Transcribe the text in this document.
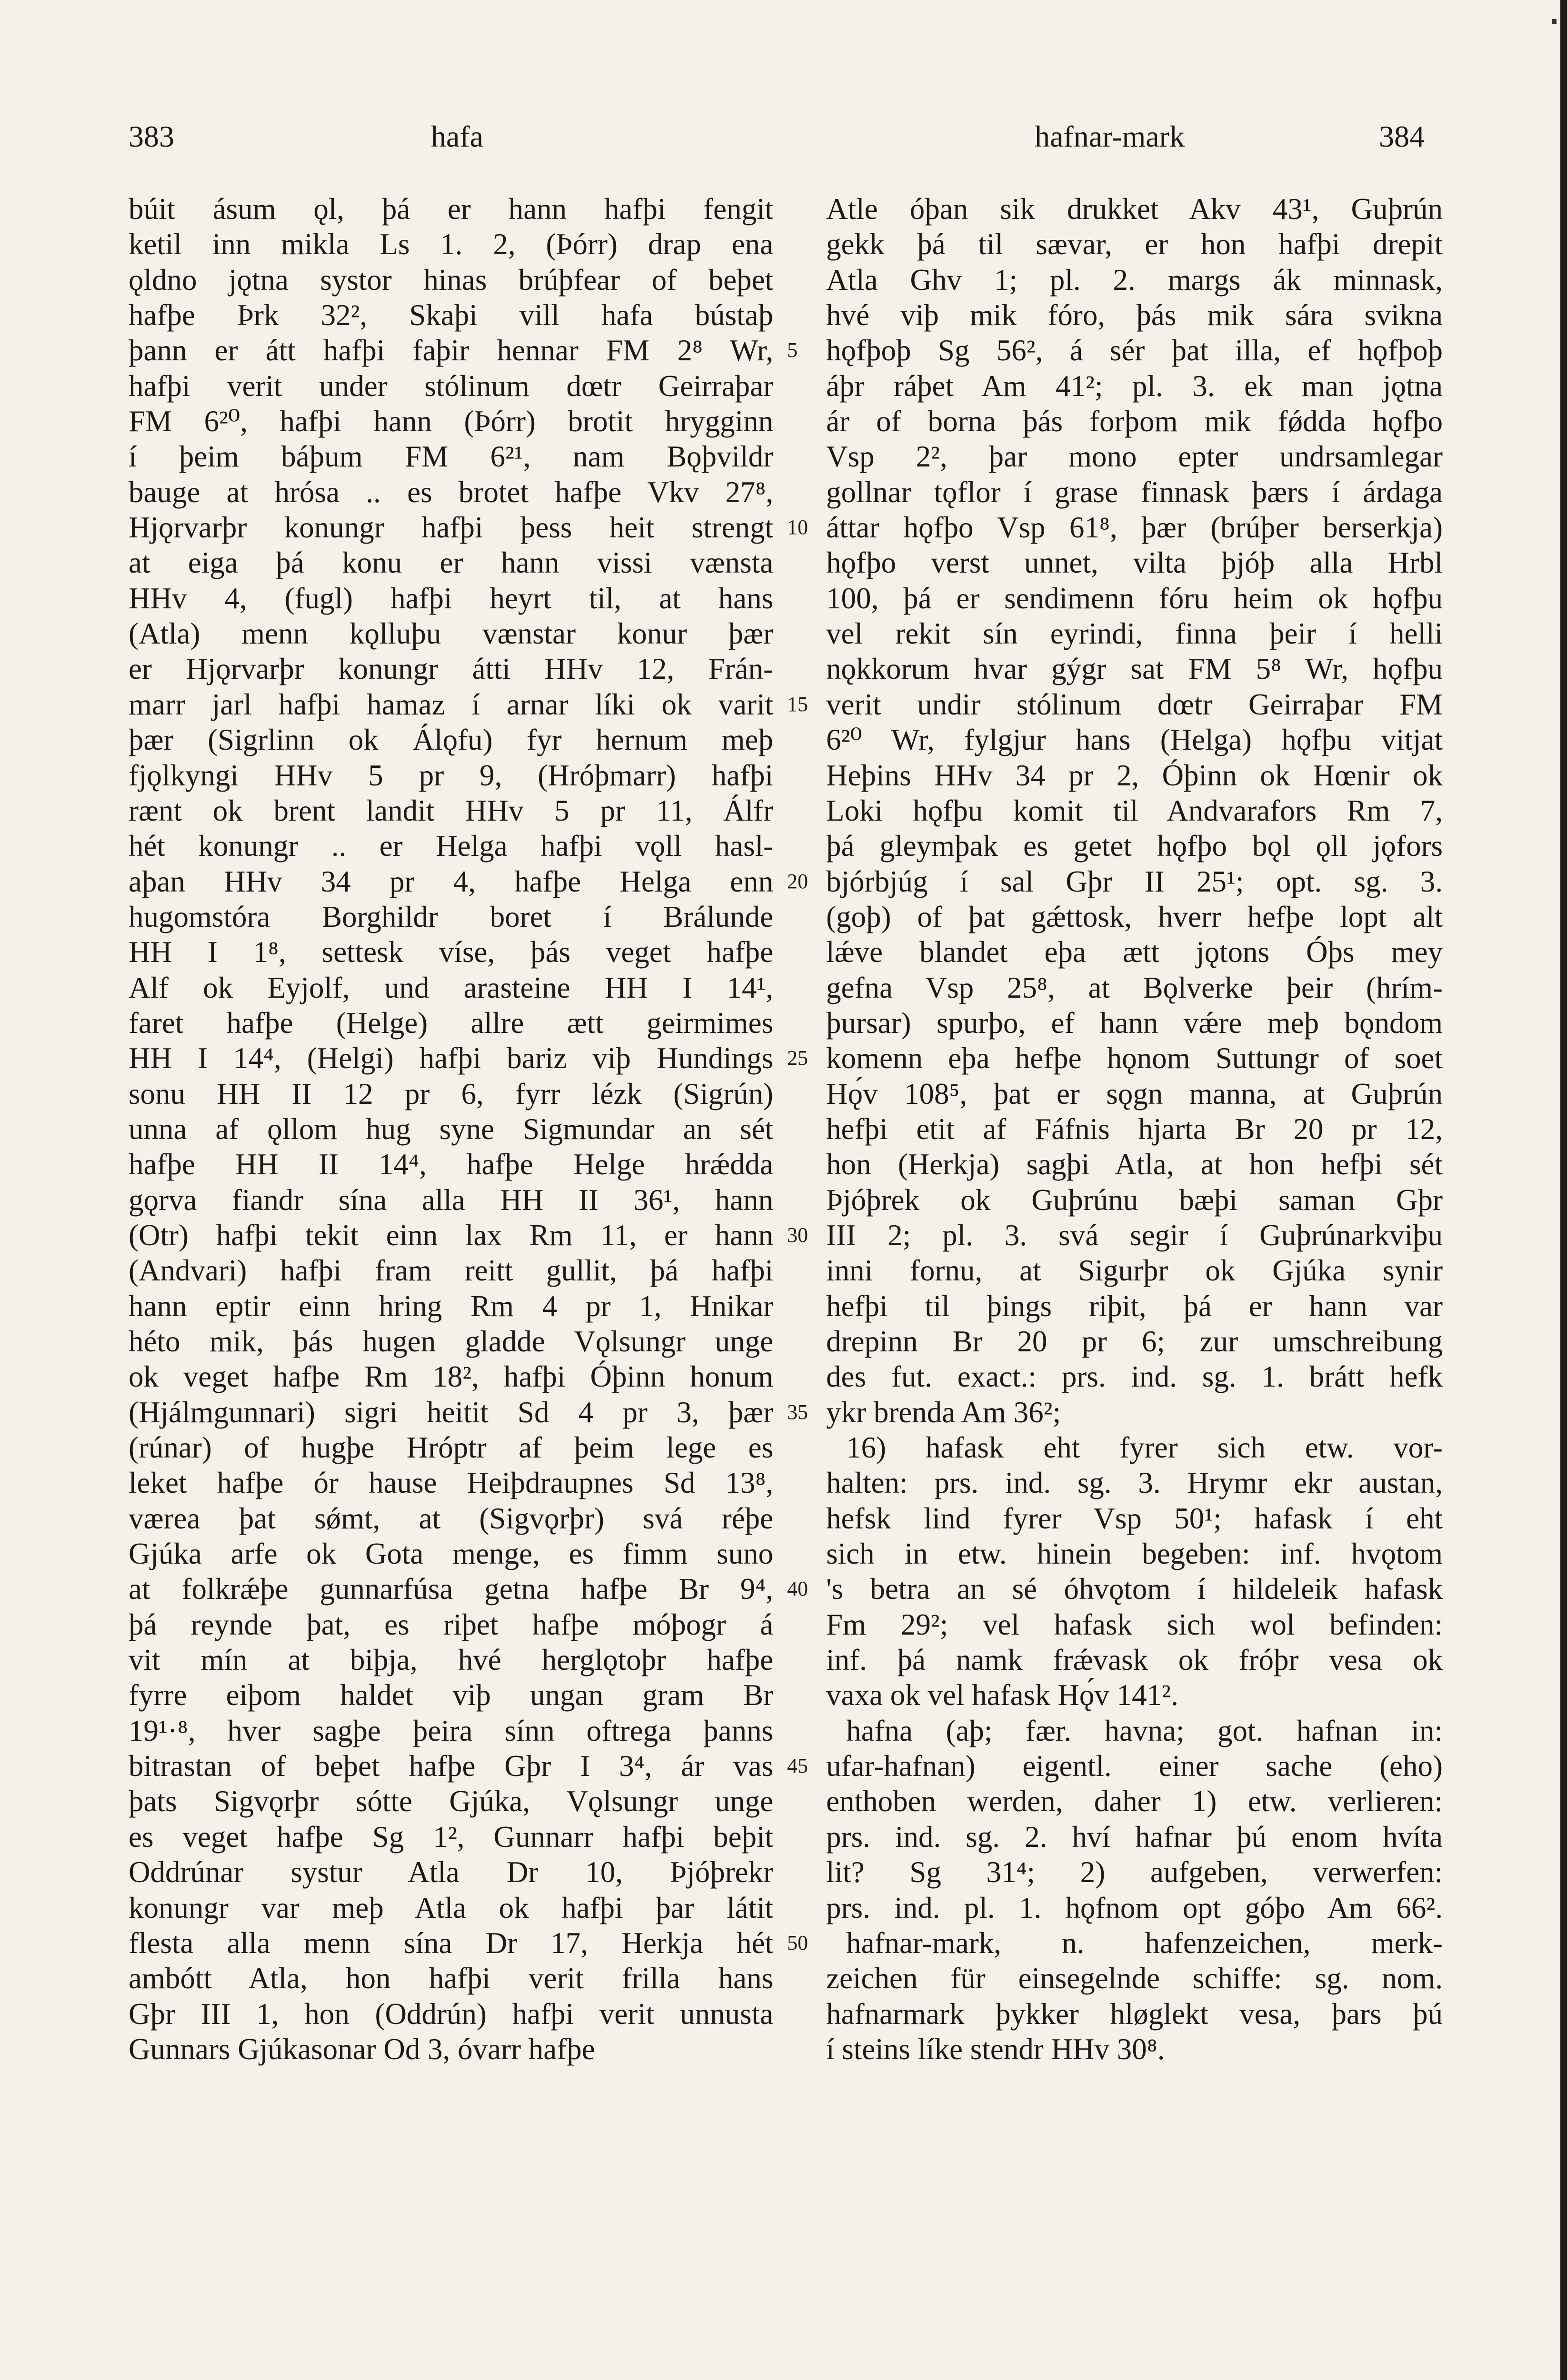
383	hafa	hafnar-mark	384
búit ásum ǫl, þá er hann hafþi fengit
ketil inn mikla Ls 1. 2, (Þórr) drap ena
ǫldno jǫtna systor hinas brúþfear of beþet
hafþe Þrk 32², Skaþi vill hafa bústaþ
þann er átt hafþi faþir hennar FM 2⁸ Wr,
hafþi verit under stólinum dœtr Geirraþar
FM 6²⁰, hafþi hann (Þórr) brotit hrygginn
í þeim báþum FM 6²¹, nam Bǫþvildr
bauge at hrósa .. es brotet hafþe Vkv 27⁸,
Hjǫrvarþr konungr hafþi þess heit strengt
at eiga þá konu er hann vissi vænsta
HHv 4, (fugl) hafþi heyrt til, at hans
(Atla) menn kǫlluþu vænstar konur þær
er Hjǫrvarþr konungr átti HHv 12, Frán-
marr jarl hafþi hamaz í arnar líki ok varit
þær (Sigrlinn ok Álǫfu) fyr hernum meþ
fjǫlkyngi HHv 5 pr 9, (Hróþmarr) hafþi
rænt ok brent landit HHv 5 pr 11, Álfr
hét konungr .. er Helga hafþi vǫll hasl-
aþan HHv 34 pr 4, hafþe Helga enn
hugomstóra Borghildr boret í Brálunde
HH I 1⁸, settesk víse, þás veget hafþe
Alf ok Eyjolf, und arasteine HH I 14¹,
faret hafþe (Helge) allre ætt geirmimes
HH I 14⁴, (Helgi) hafþi bariz viþ Hundings
sonu HH II 12 pr 6, fyrr lézk (Sigrún)
unna af ǫllom hug syne Sigmundar an sét
hafþe HH II 14⁴, hafþe Helge hrǽdda
gǫrva fiandr sína alla HH II 36¹, hann
(Otr) hafþi tekit einn lax Rm 11, er hann
(Andvari) hafþi fram reitt gullit, þá hafþi
hann eptir einn hring Rm 4 pr 1, Hnikar
héto mik, þás hugen gladde Vǫlsungr unge
ok veget hafþe Rm 18², hafþi Óþinn honum
(Hjálmgunnari) sigri heitit Sd 4 pr 3, þær
(rúnar) of hugþe Hróptr af þeim lege es
leket hafþe ór hause Heiþdraupnes Sd 13⁸,
værea þat sǿmt, at (Sigvǫrþr) svá réþe
Gjúka arfe ok Gota menge, es fimm suno
at folkrǽþe gunnarfúsa getna hafþe Br 9⁴,
þá reynde þat, es riþet hafþe móþogr á
vit mín at biþja, hvé herglǫtoþr hafþe
fyrre eiþom haldet viþ ungan gram Br
19¹·⁸, hver sagþe þeira sínn oftrega þanns
bitrastan of beþet hafþe Gþr I 3⁴, ár vas
þats Sigvǫrþr sótte Gjúka, Vǫlsungr unge
es veget hafþe Sg 1², Gunnarr hafþi beþit
Oddrúnar systur Atla Dr 10, Þjóþrekr
konungr var meþ Atla ok hafþi þar látit
flesta alla menn sína Dr 17, Herkja hét
ambótt Atla, hon hafþi verit frilla hans
Gþr III 1, hon (Oddrún) hafþi verit unnusta
Gunnars Gjúkasonar Od 3, óvarr hafþe
5
10
15
20
25
30
35
40
45
50
Atle óþan sik drukket Akv 43¹, Guþrún
gekk þá til sævar, er hon hafþi drepit
Atla Ghv 1; pl. 2. margs ák minnask,
hvé viþ mik fóro, þás mik sára svikna
hǫfþoþ Sg 56², á sér þat illa, ef hǫfþoþ
áþr ráþet Am 41²; pl. 3. ek man jǫtna
ár of borna þás forþom mik fǿdda hǫfþo
Vsp 2², þar mono epter undrsamlegar
gollnar tǫflor í grase finnask þærs í árdaga
áttar hǫfþo Vsp 61⁸, þær (brúþer berserkja)
hǫfþo verst unnet, vilta þjóþ alla Hrbl
100, þá er sendimenn fóru heim ok hǫfþu
vel rekit sín eyrindi, finna þeir í helli
nǫkkorum hvar gýgr sat FM 5⁸ Wr, hǫfþu
verit undir stólinum dœtr Geirraþar FM
6²⁰ Wr, fylgjur hans (Helga) hǫfþu vitjat
Heþins HHv 34 pr 2, Óþinn ok Hœnir ok
Loki hǫfþu komit til Andvarafors Rm 7,
þá gleymþak es getet hǫfþo bǫl ǫll jǫfors
bjórbjúg í sal Gþr II 25¹; opt. sg. 3.
(goþ) of þat gǽttosk, hverr hefþe lopt alt
lǽve blandet eþa ætt jǫtons Óþs mey
gefna Vsp 25⁸, at Bǫlverke þeir (hrím-
þursar) spurþo, ef hann vǽre meþ bǫndom
komenn eþa hefþe hǫnom Suttungr of soet
Hǫ́v 108⁵, þat er sǫgn manna, at Guþrún
hefþi etit af Fáfnis hjarta Br 20 pr 12,
hon (Herkja) sagþi Atla, at hon hefþi sét
Þjóþrek ok Guþrúnu bæþi saman Gþr
III 2; pl. 3. svá segir í Guþrúnarkviþu
inni fornu, at Sigurþr ok Gjúka synir
hefþi til þings riþit, þá er hann var
drepinn Br 20 pr 6; zur umschreibung
des fut. exact.: prs. ind. sg. 1. brátt hefk
ykr brenda Am 36²;
16) hafask eht fyrer sich etw. vor-
halten: prs. ind. sg. 3. Hrymr ekr austan,
hefsk lind fyrer Vsp 50¹; hafask í eht
sich in etw. hinein begeben: inf. hvǫtom
's betra an sé óhvǫtom í hildeleik hafask
Fm 29²; vel hafask sich wol befinden:
inf. þá namk frǽvask ok fróþr vesa ok
vaxa ok vel hafask Hǫ́v 141².
hafna (aþ; fær. havna; got. hafnan in:
ufar-hafnan) eigentl. einer sache (eho)
enthoben werden, daher 1) etw. verlieren:
prs. ind. sg. 2. hví hafnar þú enom hvíta
lit? Sg 31⁴; 2) aufgeben, verwerfen:
prs. ind. pl. 1. hǫfnom opt góþo Am 66².
hafnar-mark, n. hafenzeichen, merk-
zeichen für einsegelnde schiffe: sg. nom.
hafnarmark þykker hløglekt vesa, þars þú
í steins líke stendr HHv 30⁸.
